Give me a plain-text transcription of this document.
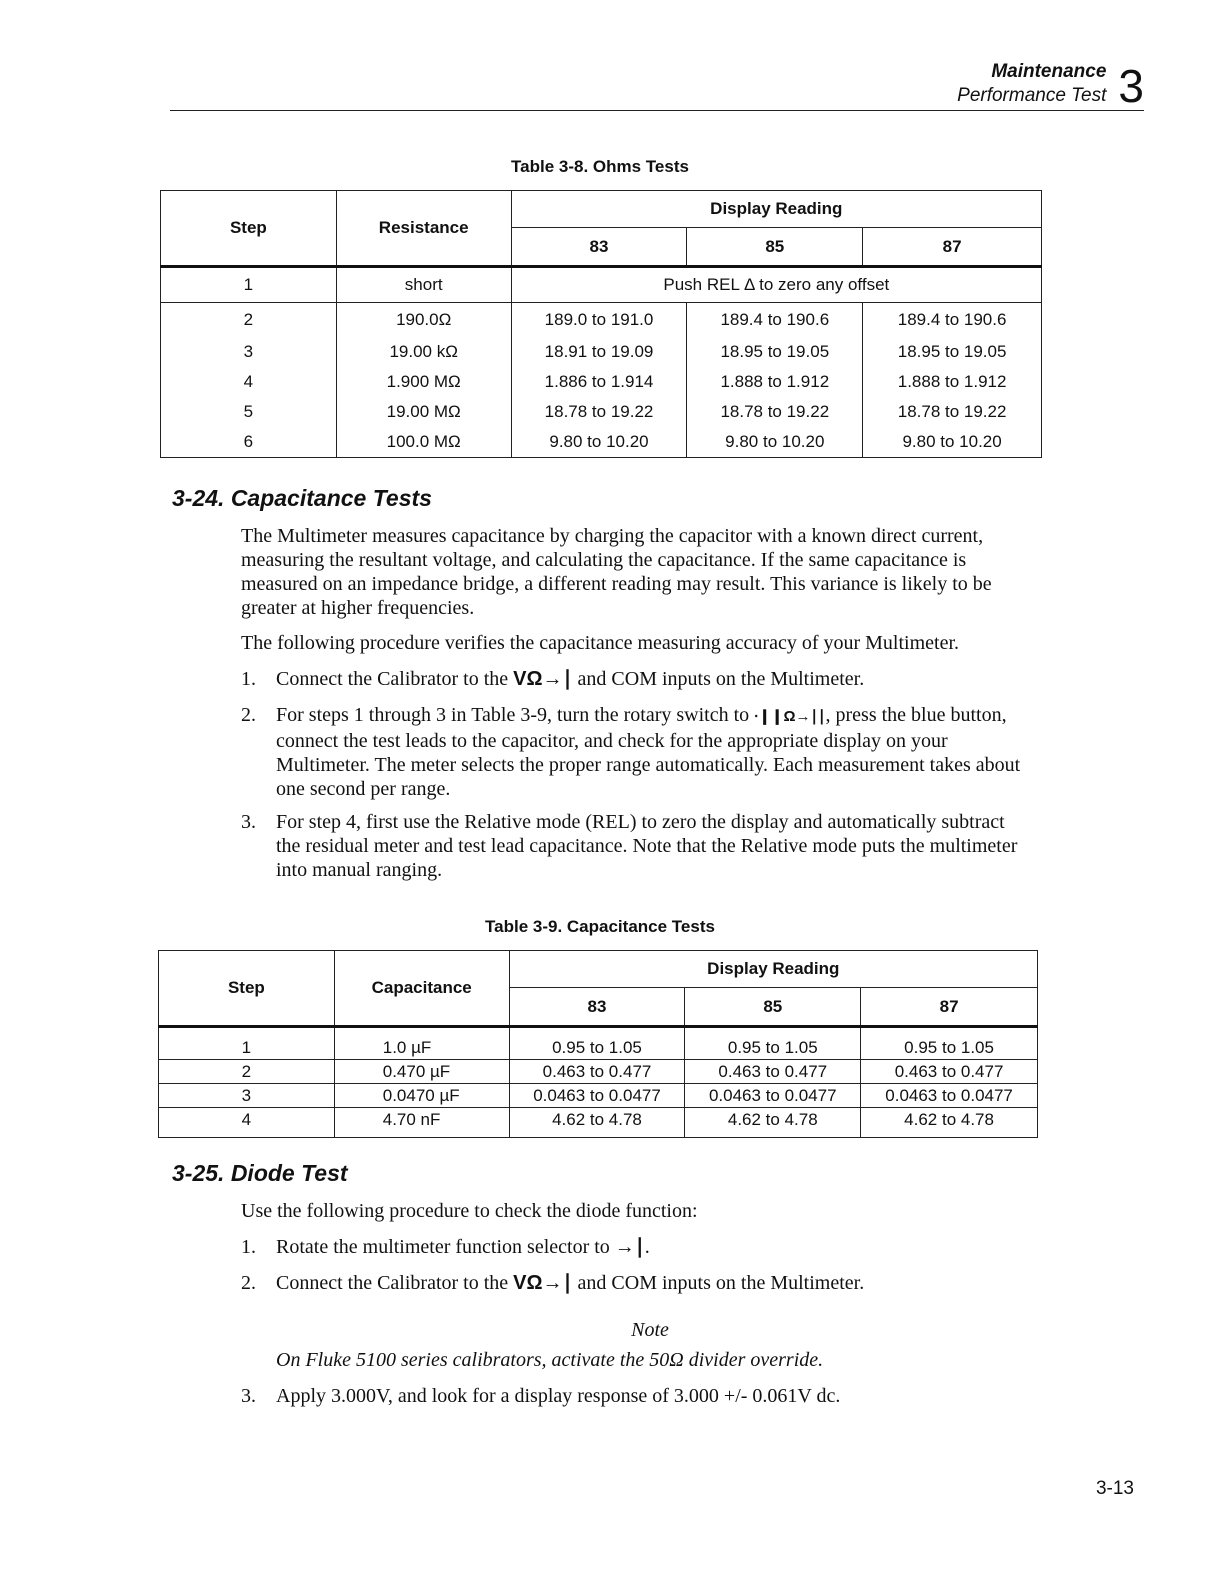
Maintenance
Performance Test 3
Table 3-8. Ohms Tests
Step	Resistance	Display Reading		
		83	85	87
1	short	Push REL Δ to zero any offset		
2	190.0Ω	189.0 to 191.0	189.4 to 190.6	189.4 to 190.6
3	19.00 kΩ	18.91 to 19.09	18.95 to 19.05	18.95 to 19.05
4	1.900 MΩ	1.886 to 1.914	1.888 to 1.912	1.888 to 1.912
5	19.00 MΩ	18.78 to 19.22	18.78 to 19.22	18.78 to 19.22
6	100.0 MΩ	9.80 to 10.20	9.80 to 10.20	9.80 to 10.20
3-24. Capacitance Tests
The Multimeter measures capacitance by charging the capacitor with a known direct current, measuring the resultant voltage, and calculating the capacitance. If the same capacitance is measured on an impedance bridge, a different reading may result. This variance is likely to be greater at higher frequencies.
The following procedure verifies the capacitance measuring accuracy of your Multimeter.
1.	Connect the Calibrator to the VΩ→∣ and COM inputs on the Multimeter.
2.	For steps 1 through 3 in Table 3-9, turn the rotary switch to ∙❙❙Ω→∣∣, press the blue button, connect the test leads to the capacitor, and check for the appropriate display on your Multimeter. The meter selects the proper range automatically. Each measurement takes about one second per range.
3.	For step 4, first use the Relative mode (REL) to zero the display and automatically subtract the residual meter and test lead capacitance. Note that the Relative mode puts the multimeter into manual ranging.
Table 3-9. Capacitance Tests
Step	Capacitance	Display Reading		
		83	85	87
1	1.0 µF	0.95 to 1.05	0.95 to 1.05	0.95 to 1.05
2	0.470 µF	0.463 to 0.477	0.463 to 0.477	0.463 to 0.477
3	0.0470 µF	0.0463 to 0.0477	0.0463 to 0.0477	0.0463 to 0.0477
4	4.70 nF	4.62 to 4.78	4.62 to 4.78	4.62 to 4.78
3-25. Diode Test
Use the following procedure to check the diode function:
1.	Rotate the multimeter function selector to →∣.
2.	Connect the Calibrator to the VΩ→∣ and COM inputs on the Multimeter.
Note
On Fluke 5100 series calibrators, activate the 50Ω divider override.
3.	Apply 3.000V, and look for a display response of 3.000 +/- 0.061V dc.
3-13
